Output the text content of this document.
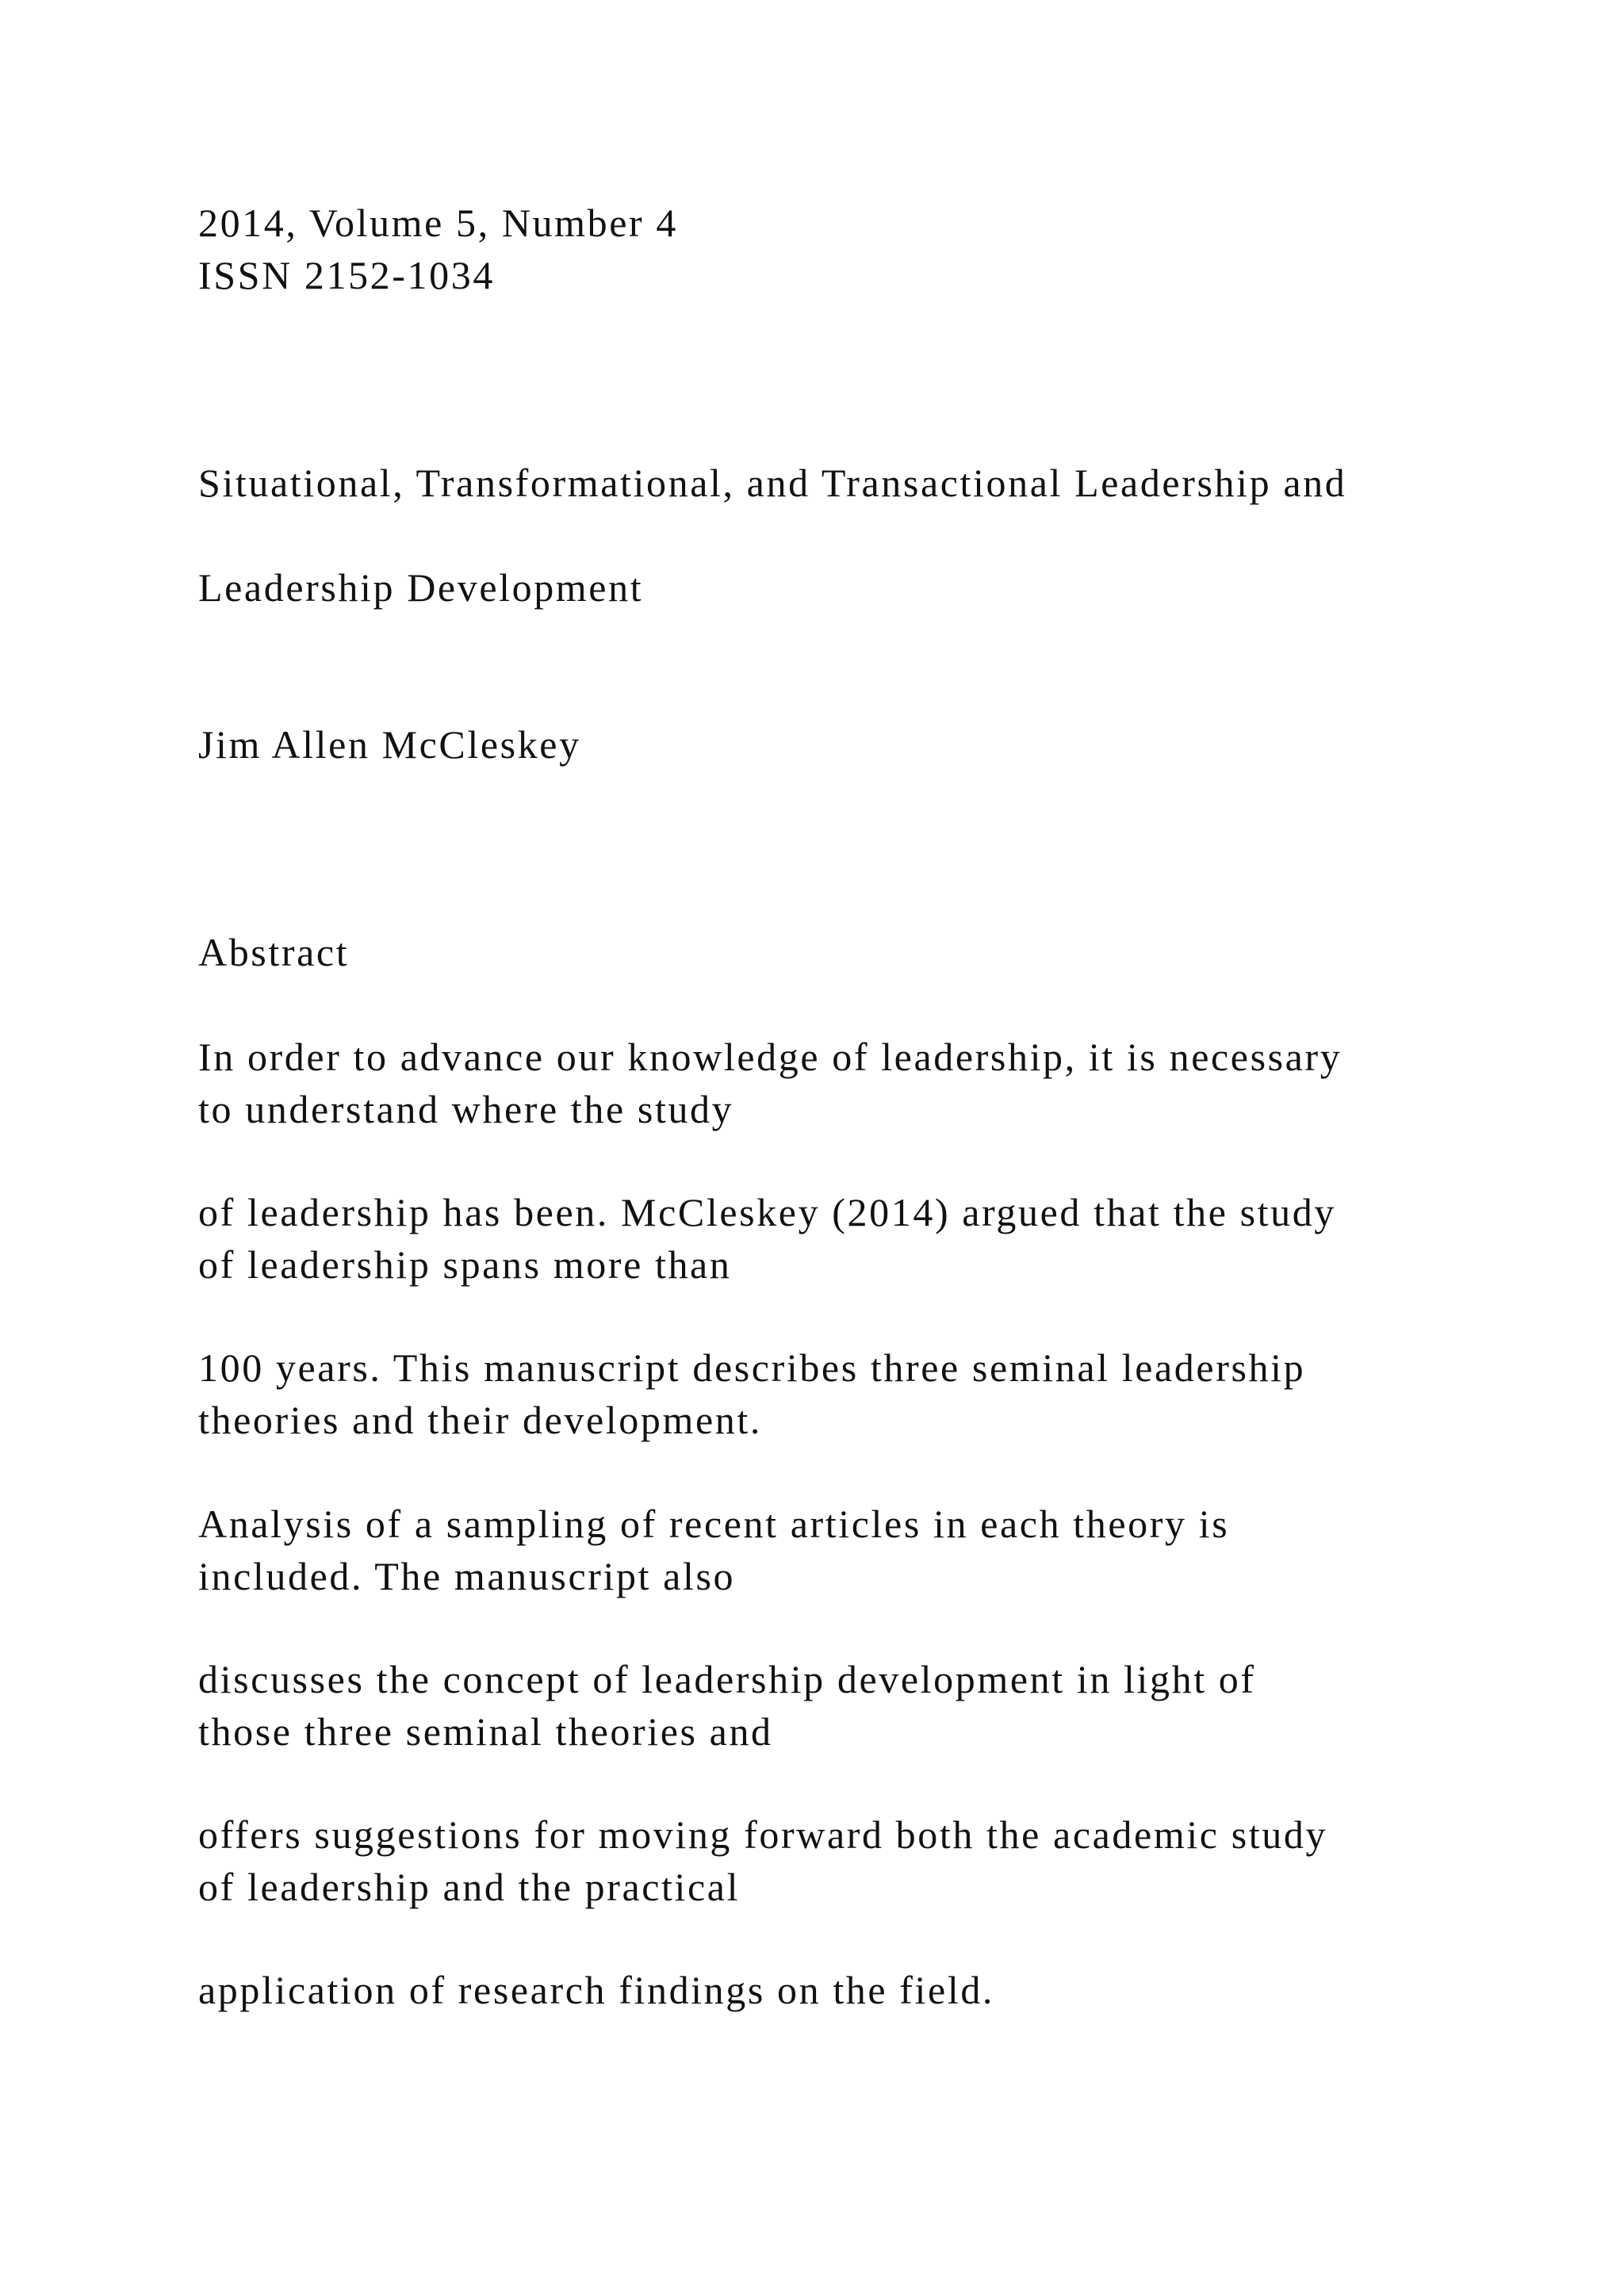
2014, Volume 5, Number 4

ISSN 2152-1034

Situational, Transformational, and Transactional Leadership and

Leadership Development

Jim Allen McCleskey

Abstract

In order to advance our knowledge of leadership, it is necessary

to understand where the study

of leadership has been. McCleskey (2014) argued that the study

of leadership spans more than

100 years. This manuscript describes three seminal leadership

theories and their development.

Analysis of a sampling of recent articles in each theory is

included. The manuscript also

discusses the concept of leadership development in light of

those three seminal theories and

offers suggestions for moving forward both the academic study

of leadership and the practical

application of research findings on the field.
